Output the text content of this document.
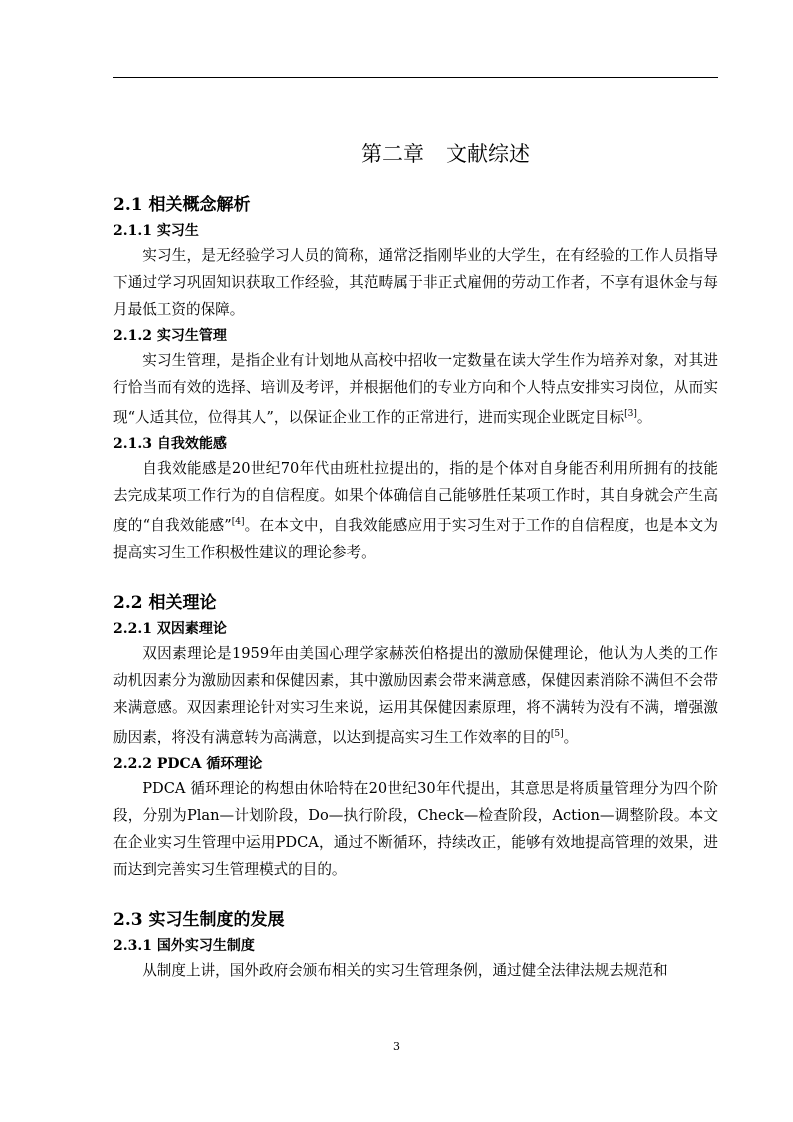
第二章 文献综述
2.1 相关概念解析
2.1.1 实习生

实习生，是无经验学习人员的简称，通常泛指刚毕业的大学生，在有经验的工作人员指导下通过学习巩固知识获取工作经验，其范畴属于非正式雇佣的劳动工作者，不享有退休金与每月最低工资的保障。

2.1.2 实习生管理

实习生管理，是指企业有计划地从高校中招收一定数量在读大学生作为培养对象，对其进行恰当而有效的选择、培训及考评，并根据他们的专业方向和个人特点安排实习岗位，从而实现“人适其位，位得其人”，以保证企业工作的正常进行，进而实现企业既定目标[3]。

2.1.3 自我效能感

自我效能感是20世纪70年代由班杜拉提出的，指的是个体对自身能否利用所拥有的技能去完成某项工作行为的自信程度。如果个体确信自己能够胜任某项工作时，其自身就会产生高度的“自我效能感”[4]。在本文中，自我效能感应用于实习生对于工作的自信程度，也是本文为提高实习生工作积极性建议的理论参考。

2.2 相关理论
2.2.1 双因素理论

双因素理论是1959年由美国心理学家赫茨伯格提出的激励保健理论，他认为人类的工作动机因素分为激励因素和保健因素，其中激励因素会带来满意感，保健因素消除不满但不会带来满意感。双因素理论针对实习生来说，运用其保健因素原理，将不满转为没有不满，增强激励因素，将没有满意转为高满意，以达到提高实习生工作效率的目的[5]。

2.2.2 PDCA 循环理论

PDCA 循环理论的构想由休哈特在20世纪30年代提出，其意思是将质量管理分为四个阶段，分别为Plan—计划阶段，Do—执行阶段，Check—检查阶段，Action—调整阶段。本文在企业实习生管理中运用PDCA，通过不断循环，持续改正，能够有效地提高管理的效果，进而达到完善实习生管理模式的目的。

2.3 实习生制度的发展
2.3.1 国外实习生制度

从制度上讲，国外政府会颁布相关的实习生管理条例，通过健全法律法规去规范和

3
